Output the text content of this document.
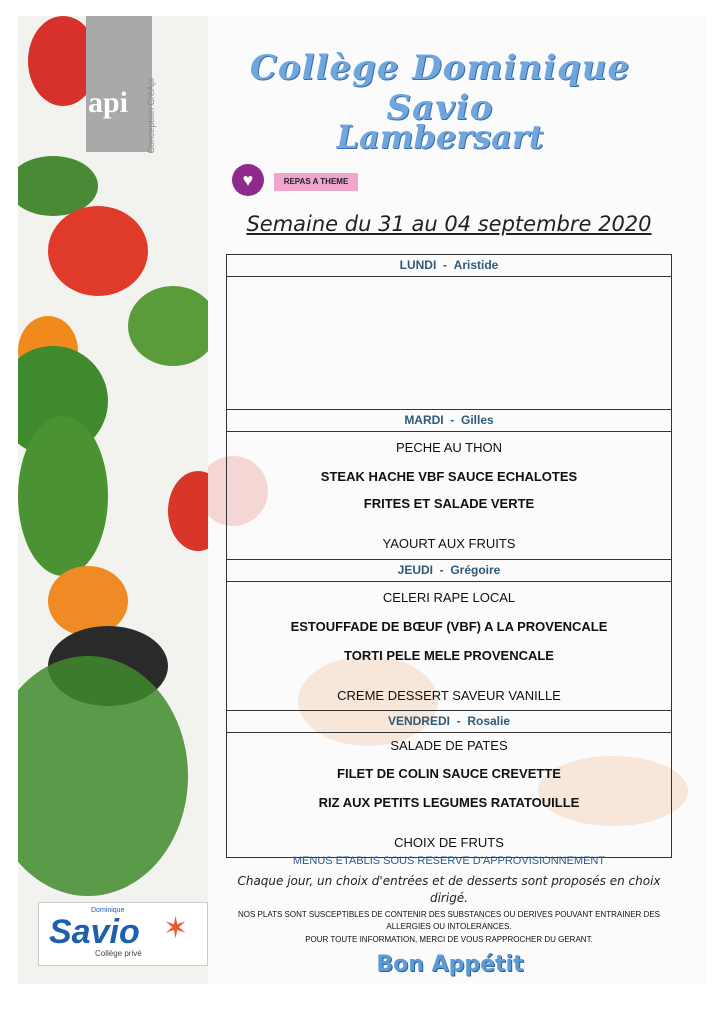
api Conception CréApi
Collège Dominique Savio
Lambersart
♥	REPAS A THEME
Semaine du 31 au 04 septembre 2020
LUNDI  -  Aristide
MARDI  -  Gilles
PECHE AU THON
STEAK HACHE VBF SAUCE ECHALOTES
FRITES ET SALADE VERTE
YAOURT AUX FRUITS
JEUDI  -  Grégoire
CELERI RAPE LOCAL
ESTOUFFADE DE BŒUF (VBF) A LA PROVENCALE
TORTI PELE MELE PROVENCALE
CREME DESSERT SAVEUR VANILLE
VENDREDI  -  Rosalie
SALADE DE PATES
FILET DE COLIN SAUCE CREVETTE
RIZ AUX PETITS LEGUMES RATATOUILLE
CHOIX DE FRUTS
MENUS ETABLIS SOUS RESERVE D'APPROVISIONNEMENT
Chaque jour, un choix d'entrées et de desserts sont proposés en choix dirigé.
NOS PLATS SONT SUSCEPTIBLES DE CONTENIR DES SUBSTANCES OU DERIVES POUVANT ENTRAINER DES ALLERGIES OU INTOLERANCES.
POUR TOUTE INFORMATION, MERCI DE VOUS RAPPROCHER DU GERANT.
Bon Appétit
Dominique
Savio ✶
Collège privé
